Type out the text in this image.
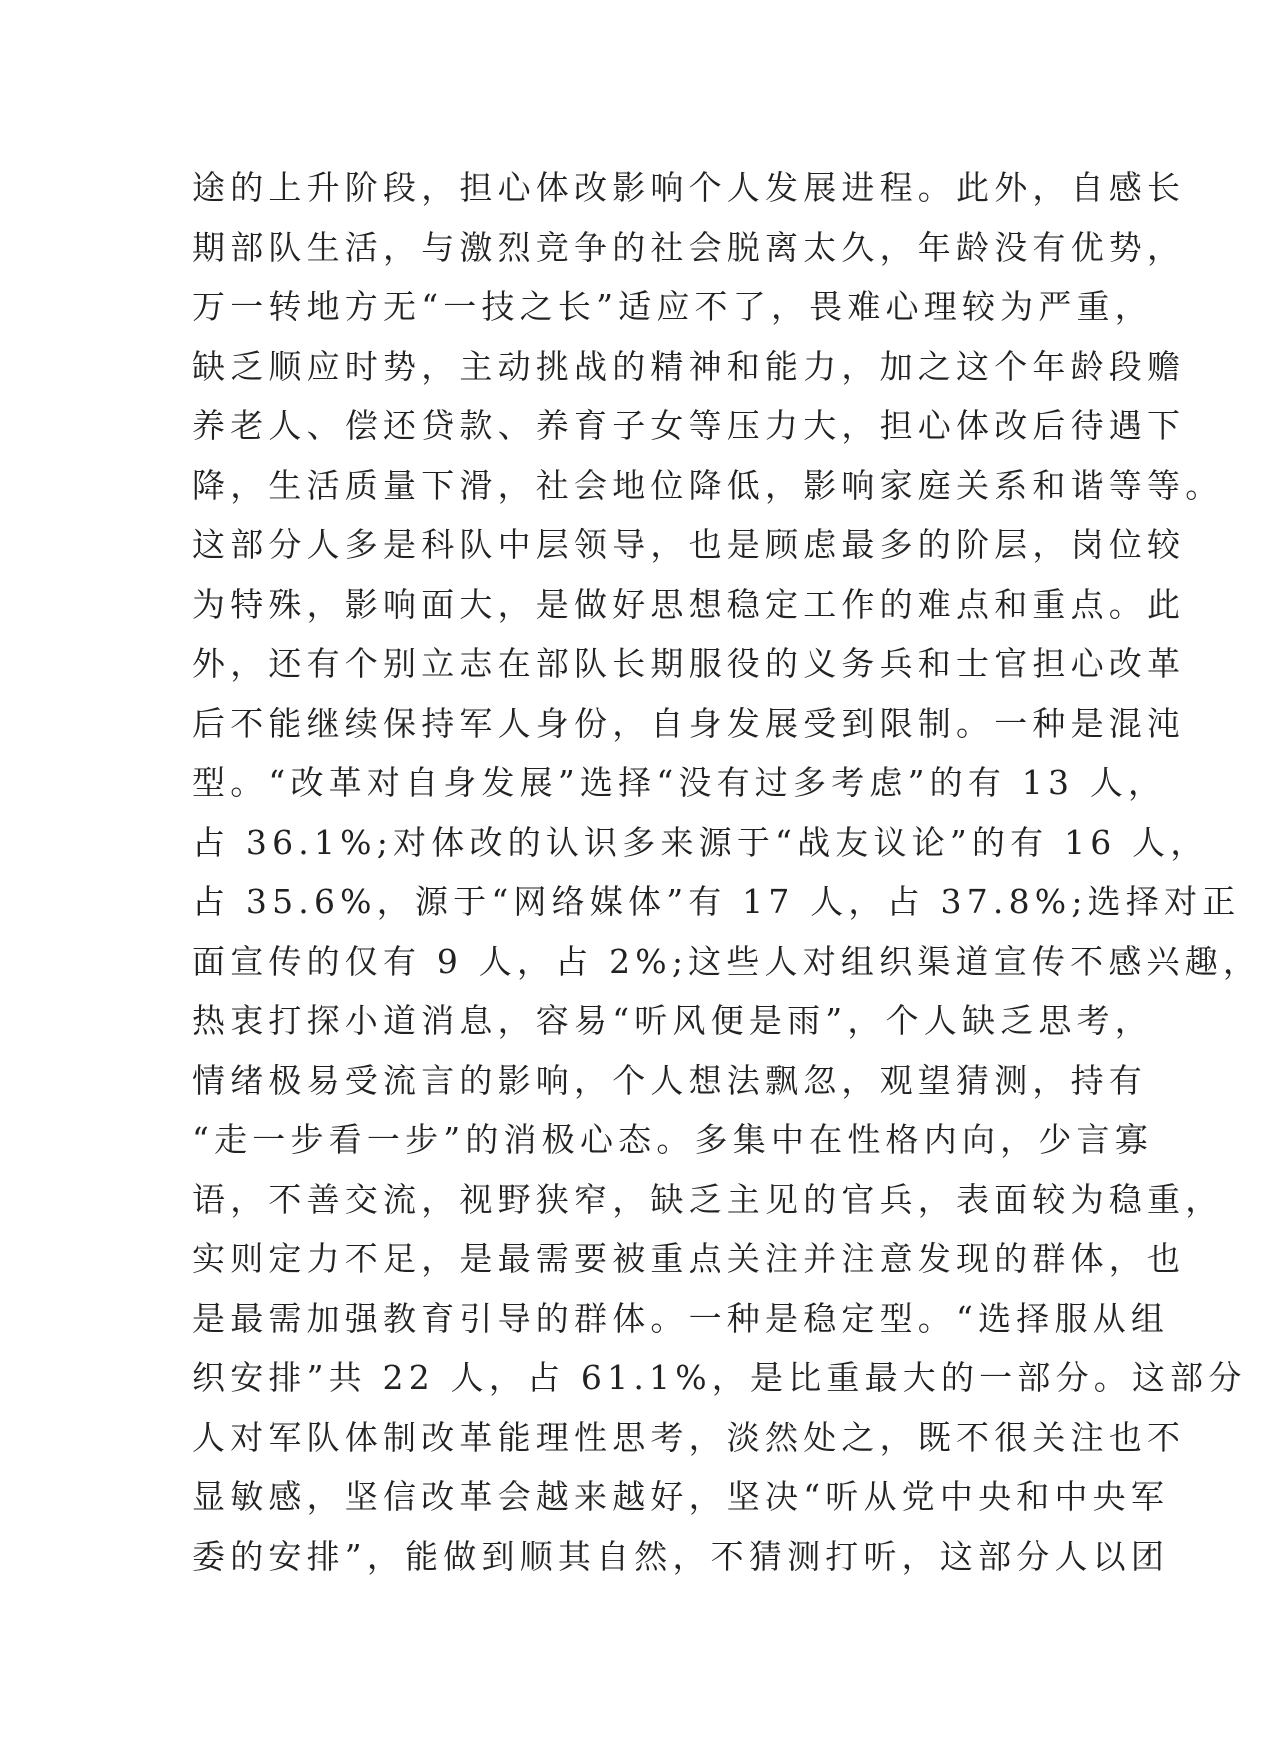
途的上升阶段，担心体改影响个人发展进程。此外，自感长
期部队生活，与激烈竞争的社会脱离太久，年龄没有优势，
万一转地方无“一技之长”适应不了，畏难心理较为严重，
缺乏顺应时势，主动挑战的精神和能力，加之这个年龄段赡
养老人、偿还贷款、养育子女等压力大，担心体改后待遇下
降，生活质量下滑，社会地位降低，影响家庭关系和谐等等。
这部分人多是科队中层领导，也是顾虑最多的阶层，岗位较
为特殊，影响面大，是做好思想稳定工作的难点和重点。此
外，还有个别立志在部队长期服役的义务兵和士官担心改革
后不能继续保持军人身份，自身发展受到限制。一种是混沌
型。“改革对自身发展”选择“没有过多考虑”的有 13 人，
占 36.1%;对体改的认识多来源于“战友议论”的有 16 人，
占 35.6%，源于“网络媒体”有 17 人，占 37.8%;选择对正
面宣传的仅有 9 人，占 2%;这些人对组织渠道宣传不感兴趣，
热衷打探小道消息，容易“听风便是雨”，个人缺乏思考，
情绪极易受流言的影响，个人想法飘忽，观望猜测，持有
“走一步看一步”的消极心态。多集中在性格内向，少言寡
语，不善交流，视野狭窄，缺乏主见的官兵，表面较为稳重，
实则定力不足，是最需要被重点关注并注意发现的群体，也
是最需加强教育引导的群体。一种是稳定型。“选择服从组
织安排”共 22 人，占 61.1%，是比重最大的一部分。这部分
人对军队体制改革能理性思考，淡然处之，既不很关注也不
显敏感，坚信改革会越来越好，坚决“听从党中央和中央军
委的安排”，能做到顺其自然，不猜测打听，这部分人以团
